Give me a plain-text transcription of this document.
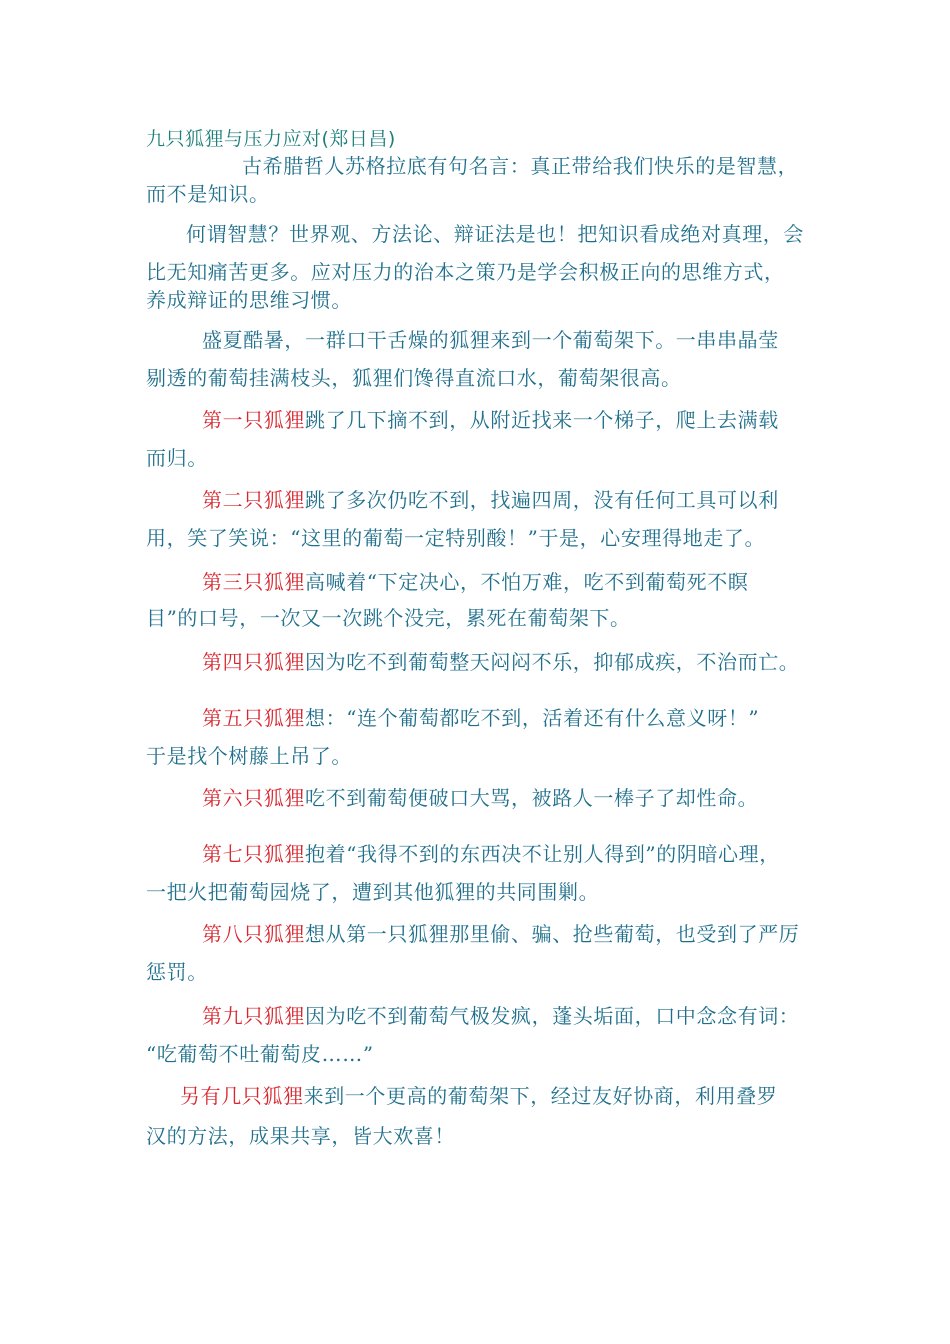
九只狐狸与压力应对(郑日昌)
古希腊哲人苏格拉底有句名言：真正带给我们快乐的是智慧，
而不是知识。
何谓智慧？世界观、方法论、辩证法是也！把知识看成绝对真理，会
比无知痛苦更多。应对压力的治本之策乃是学会积极正向的思维方式，
养成辩证的思维习惯。
盛夏酷暑，一群口干舌燥的狐狸来到一个葡萄架下。一串串晶莹
剔透的葡萄挂满枝头，狐狸们馋得直流口水，葡萄架很高。
第一只狐狸跳了几下摘不到，从附近找来一个梯子，爬上去满载
而归。
第二只狐狸跳了多次仍吃不到，找遍四周，没有任何工具可以利
用，笑了笑说：“这里的葡萄一定特别酸！”于是，心安理得地走了。
第三只狐狸高喊着“下定决心，不怕万难，吃不到葡萄死不瞑
目”的口号，一次又一次跳个没完，累死在葡萄架下。
第四只狐狸因为吃不到葡萄整天闷闷不乐，抑郁成疾，不治而亡。
第五只狐狸想：“连个葡萄都吃不到，活着还有什么意义呀！”
于是找个树藤上吊了。
第六只狐狸吃不到葡萄便破口大骂，被路人一棒子了却性命。
第七只狐狸抱着“我得不到的东西决不让别人得到”的阴暗心理，
一把火把葡萄园烧了，遭到其他狐狸的共同围剿。
第八只狐狸想从第一只狐狸那里偷、骗、抢些葡萄，也受到了严厉
惩罚。
第九只狐狸因为吃不到葡萄气极发疯，蓬头垢面，口中念念有词：
“吃葡萄不吐葡萄皮……”
另有几只狐狸来到一个更高的葡萄架下，经过友好协商，利用叠罗
汉的方法，成果共享，皆大欢喜！
